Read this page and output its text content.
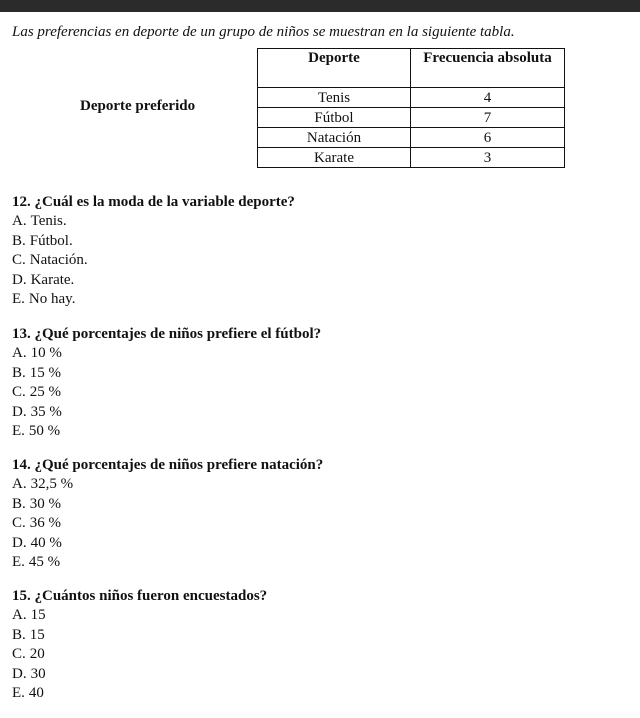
Las preferencias en deporte de un grupo de niños se muestran en la siguiente tabla.
Deporte preferido
Deporte	Frecuencia absoluta
Tenis	4
Fútbol	7
Natación	6
Karate	3
12. ¿Cuál es la moda de la variable deporte?
A. Tenis.
B. Fútbol.
C. Natación.
D. Karate.
E. No hay.
13. ¿Qué porcentajes de niños prefiere el fútbol?
A. 10 %
B. 15 %
C. 25 %
D. 35 %
E. 50 %
14. ¿Qué porcentajes de niños prefiere natación?
A. 32,5 %
B. 30 %
C. 36 %
D. 40 %
E. 45 %
15. ¿Cuántos niños fueron encuestados?
A. 15
B. 15
C. 20
D. 30
E. 40
